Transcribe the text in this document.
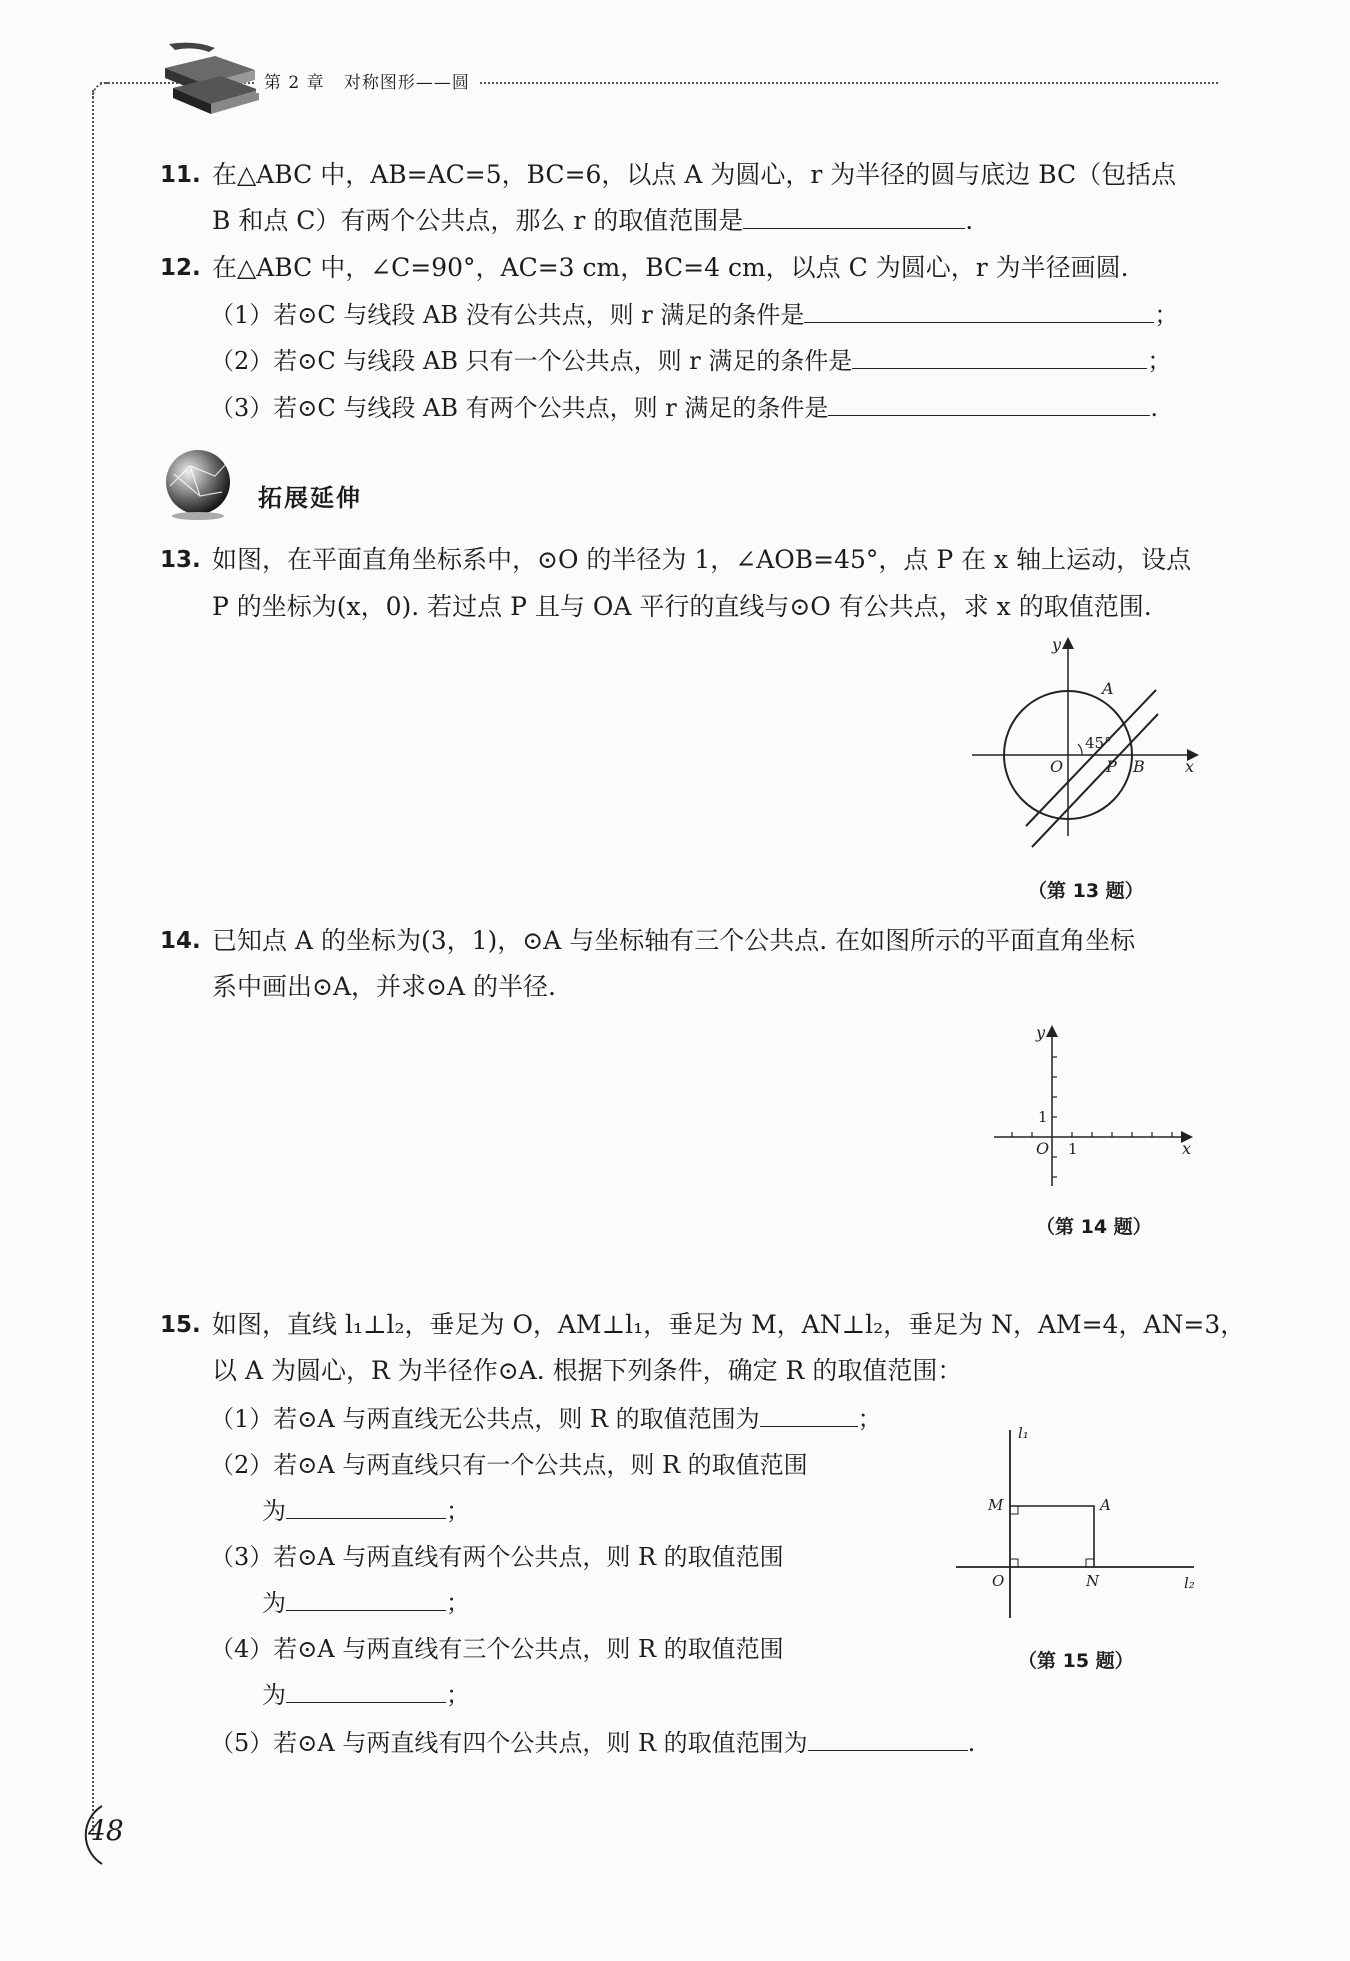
第 2 章 对称图形——圆
11. 在△ABC 中，AB=AC=5，BC=6，以点 A 为圆心，r 为半径的圆与底边 BC（包括点
B 和点 C）有两个公共点，那么 r 的取值范围是	.
12. 在△ABC 中，∠C=90°，AC=3 cm，BC=4 cm，以点 C 为圆心，r 为半径画圆.
（1）若⊙C 与线段 AB 没有公共点，则 r 满足的条件是	；
（2）若⊙C 与线段 AB 只有一个公共点，则 r 满足的条件是	；
（3）若⊙C 与线段 AB 有两个公共点，则 r 满足的条件是	.
拓展延伸
13. 如图，在平面直角坐标系中，⊙O 的半径为 1，∠AOB=45°，点 P 在 x 轴上运动，设点
P 的坐标为(x，0). 若过点 P 且与 OA 平行的直线与⊙O 有公共点，求 x 的取值范围.
y
x
O
A
P B
45°
（第 13 题）
14. 已知点 A 的坐标为(3，1)，⊙A 与坐标轴有三个公共点. 在如图所示的平面直角坐标
系中画出⊙A，并求⊙A 的半径.
y
x
O 1
1
（第 14 题）
15. 如图，直线 l₁⊥l₂，垂足为 O，AM⊥l₁，垂足为 M，AN⊥l₂，垂足为 N，AM=4，AN=3，
以 A 为圆心，R 为半径作⊙A. 根据下列条件，确定 R 的取值范围：
（1）若⊙A 与两直线无公共点，则 R 的取值范围为	；
（2）若⊙A 与两直线只有一个公共点，则 R 的取值范围
为	；
（3）若⊙A 与两直线有两个公共点，则 R 的取值范围
为	；
（4）若⊙A 与两直线有三个公共点，则 R 的取值范围
为	；
（5）若⊙A 与两直线有四个公共点，则 R 的取值范围为	.
l₁
l₂
M	A
O	N
（第 15 题）
48
